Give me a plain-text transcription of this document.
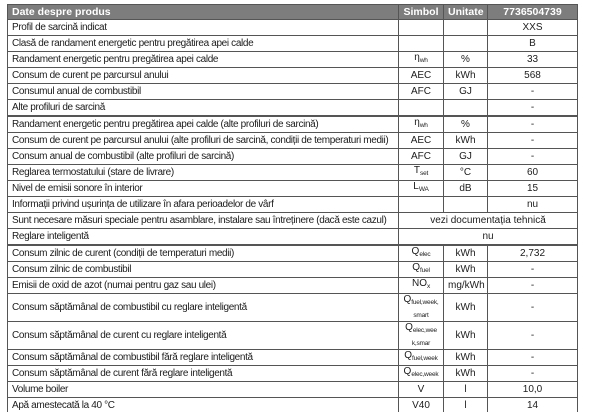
Date despre produs	Simbol	Unitate	7736504739
Profil de sarcină indicat			XXS
Clasă de randament energetic pentru pregătirea apei calde			B
Randament energetic pentru pregătirea apei calde	$\eta_{wh}$	%	33
Consum de curent pe parcursul anului	AEC	kWh	568
Consumul anual de combustibil	AFC	GJ	-
Alte profiluri de sarcină			-
Randament energetic pentru pregătirea apei calde (alte profiluri de sarcină)	$\eta_{wh}$	%	-
Consum de curent pe parcursul anului (alte profiluri de sarcină, condiții de temperaturi medii)	AEC	kWh	-
Consum anual de combustibil (alte profiluri de sarcină)	AFC	GJ	-
Reglarea termostatului (stare de livrare)	$T_{set}$	°C	60
Nivel de emisii sonore în interior	$L_{WA}$	dB	15
Informații privind ușurința de utilizare în afara perioadelor de vârf			nu
Sunt necesare măsuri speciale pentru asamblare, instalare sau întreținere (dacă este cazul)	vezi documentația tehnică		
Reglare inteligentă	nu		
Consum zilnic de curent (condiții de temperaturi medii)	$Q_{elec}$	kWh	2,732
Consum zilnic de combustibil	$Q_{fuel}$	kWh	-
Emisii de oxid de azot (numai pentru gaz sau ulei)	$NO_x$	mg/kWh	-
Consum săptămânal de combustibil cu reglare inteligentă	$Q_{fuel,week,smart}$	kWh	-
Consum săptămânal de curent cu reglare inteligentă	$Q_{elec,week,smar}$	kWh	-
Consum săptămânal de combustibil fără reglare inteligentă	$Q_{fuel,week}$	kWh	-
Consum săptămânal de curent fără reglare inteligentă	$Q_{elec,week}$	kWh	-
Volume boiler	V	l	10,0
Apă amestecată la 40 °C	V40	l	14
